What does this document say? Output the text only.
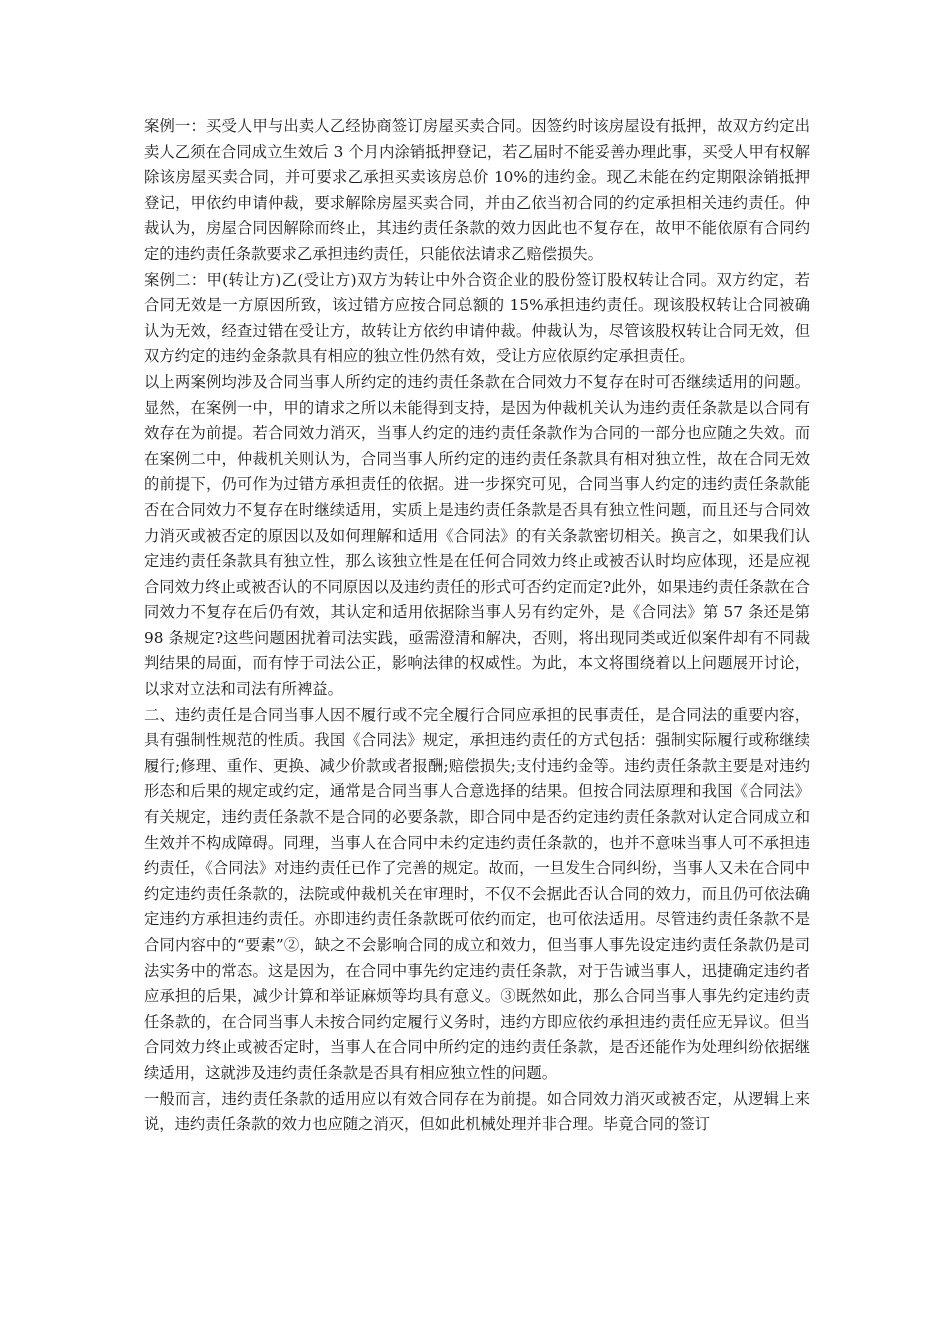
案例一：买受人甲与出卖人乙经协商签订房屋买卖合同。因签约时该房屋设有抵押，故双方约定出卖人乙须在合同成立生效后 3 个月内涂销抵押登记，若乙届时不能妥善办理此事，买受人甲有权解除该房屋买卖合同，并可要求乙承担买卖该房总价 10%的违约金。现乙未能在约定期限涂销抵押登记，甲依约申请仲裁，要求解除房屋买卖合同，并由乙依当初合同的约定承担相关违约责任。仲裁认为，房屋合同因解除而终止，其违约责任条款的效力因此也不复存在，故甲不能依原有合同约定的违约责任条款要求乙承担违约责任，只能依法请求乙赔偿损失。

案例二：甲(转让方)乙(受让方)双方为转让中外合资企业的股份签订股权转让合同。双方约定，若合同无效是一方原因所致，该过错方应按合同总额的 15%承担违约责任。现该股权转让合同被确认为无效，经查过错在受让方，故转让方依约申请仲裁。仲裁认为，尽管该股权转让合同无效，但双方约定的违约金条款具有相应的独立性仍然有效，受让方应依原约定承担责任。

以上两案例均涉及合同当事人所约定的违约责任条款在合同效力不复存在时可否继续适用的问题。显然，在案例一中，甲的请求之所以未能得到支持，是因为仲裁机关认为违约责任条款是以合同有效存在为前提。若合同效力消灭，当事人约定的违约责任条款作为合同的一部分也应随之失效。而在案例二中，仲裁机关则认为，合同当事人所约定的违约责任条款具有相对独立性，故在合同无效的前提下，仍可作为过错方承担责任的依据。进一步探究可见，合同当事人约定的违约责任条款能否在合同效力不复存在时继续适用，实质上是违约责任条款是否具有独立性问题，而且还与合同效力消灭或被否定的原因以及如何理解和适用《合同法》的有关条款密切相关。换言之，如果我们认定违约责任条款具有独立性，那么该独立性是在任何合同效力终止或被否认时均应体现，还是应视合同效力终止或被否认的不同原因以及违约责任的形式可否约定而定?此外，如果违约责任条款在合同效力不复存在后仍有效，其认定和适用依据除当事人另有约定外，是《合同法》第 57 条还是第 98 条规定?这些问题困扰着司法实践，亟需澄清和解决，否则，将出现同类或近似案件却有不同裁判结果的局面，而有悖于司法公正，影响法律的权威性。为此，本文将围绕着以上问题展开讨论，以求对立法和司法有所裨益。

二、违约责任是合同当事人因不履行或不完全履行合同应承担的民事责任，是合同法的重要内容，具有强制性规范的性质。我国《合同法》规定，承担违约责任的方式包括：强制实际履行或称继续履行;修理、重作、更换、减少价款或者报酬;赔偿损失;支付违约金等。违约责任条款主要是对违约形态和后果的规定或约定，通常是合同当事人合意选择的结果。但按合同法原理和我国《合同法》有关规定，违约责任条款不是合同的必要条款，即合同中是否约定违约责任条款对认定合同成立和生效并不构成障碍。同理，当事人在合同中未约定违约责任条款的，也并不意味当事人可不承担违约责任，《合同法》对违约责任已作了完善的规定。故而，一旦发生合同纠纷，当事人又未在合同中约定违约责任条款的，法院或仲裁机关在审理时，不仅不会据此否认合同的效力，而且仍可依法确定违约方承担违约责任。亦即违约责任条款既可依约而定，也可依法适用。尽管违约责任条款不是合同内容中的“要素”②，缺之不会影响合同的成立和效力，但当事人事先设定违约责任条款仍是司法实务中的常态。这是因为，在合同中事先约定违约责任条款，对于告诫当事人，迅捷确定违约者应承担的后果，减少计算和举证麻烦等均具有意义。③既然如此，那么合同当事人事先约定违约责任条款的，在合同当事人未按合同约定履行义务时，违约方即应依约承担违约责任应无异议。但当合同效力终止或被否定时，当事人在合同中所约定的违约责任条款，是否还能作为处理纠纷依据继续适用，这就涉及违约责任条款是否具有相应独立性的问题。

一般而言，违约责任条款的适用应以有效合同存在为前提。如合同效力消灭或被否定，从逻辑上来说，违约责任条款的效力也应随之消灭，但如此机械处理并非合理。毕竟合同的签订
